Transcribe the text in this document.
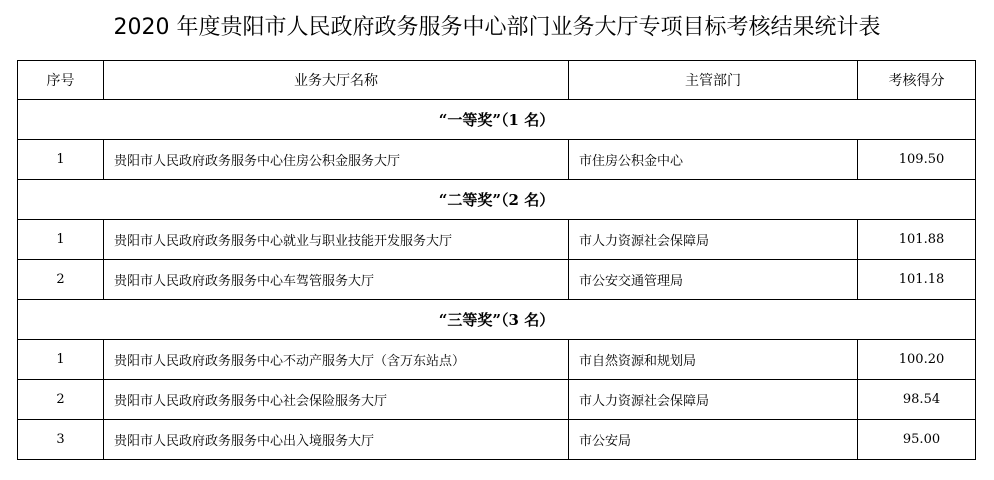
2020 年度贵阳市人民政府政务服务中心部门业务大厅专项目标考核结果统计表
序号	业务大厅名称	主管部门	考核得分
“一等奖”（1 名）			
1	贵阳市人民政府政务服务中心住房公积金服务大厅	市住房公积金中心	109.50
“二等奖”（2 名）			
1	贵阳市人民政府政务服务中心就业与职业技能开发服务大厅	市人力资源社会保障局	101.88
2	贵阳市人民政府政务服务中心车驾管服务大厅	市公安交通管理局	101.18
“三等奖”（3 名）			
1	贵阳市人民政府政务服务中心不动产服务大厅（含万东站点）	市自然资源和规划局	100.20
2	贵阳市人民政府政务服务中心社会保险服务大厅	市人力资源社会保障局	98.54
3	贵阳市人民政府政务服务中心出入境服务大厅	市公安局	95.00
